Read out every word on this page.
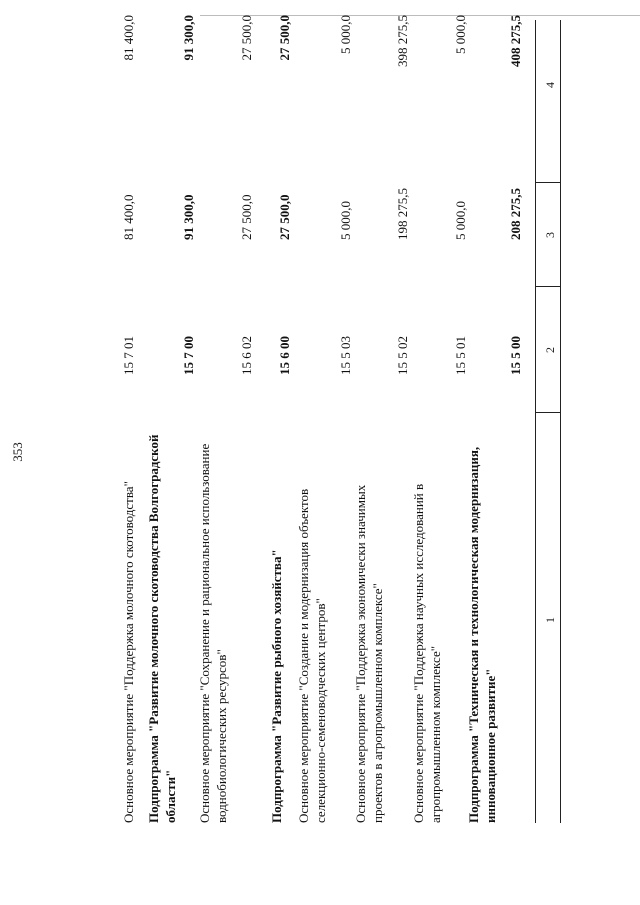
353
1
2
3
4
Подпрограмма "Техническая и технологическая модернизация, инновационное развитие"
15 5 00
208 275,5
408 275,5
Основное мероприятие "Поддержка научных исследований в агропромышленном комплексе"
15 5 01
5 000,0
5 000,0
Основное мероприятие "Поддержка экономически значимых проектов в агропромышленном комплексе"
15 5 02
198 275,5
398 275,5
Основное мероприятие "Создание и модернизация объектов селекционно-семеноводческих центров"
15 5 03
5 000,0
5 000,0
Подпрограмма "Развитие рыбного хозяйства"
15 6 00
27 500,0
27 500,0
Основное мероприятие "Сохранение и рациональное использование воднобиологических ресурсов"
15 6 02
27 500,0
27 500,0
Подпрограмма "Развитие молочного скотоводства Волгоградской области"
15 7 00
91 300,0
91 300,0
Основное мероприятие "Поддержка молочного скотоводства"
15 7 01
81 400,0
81 400,0
